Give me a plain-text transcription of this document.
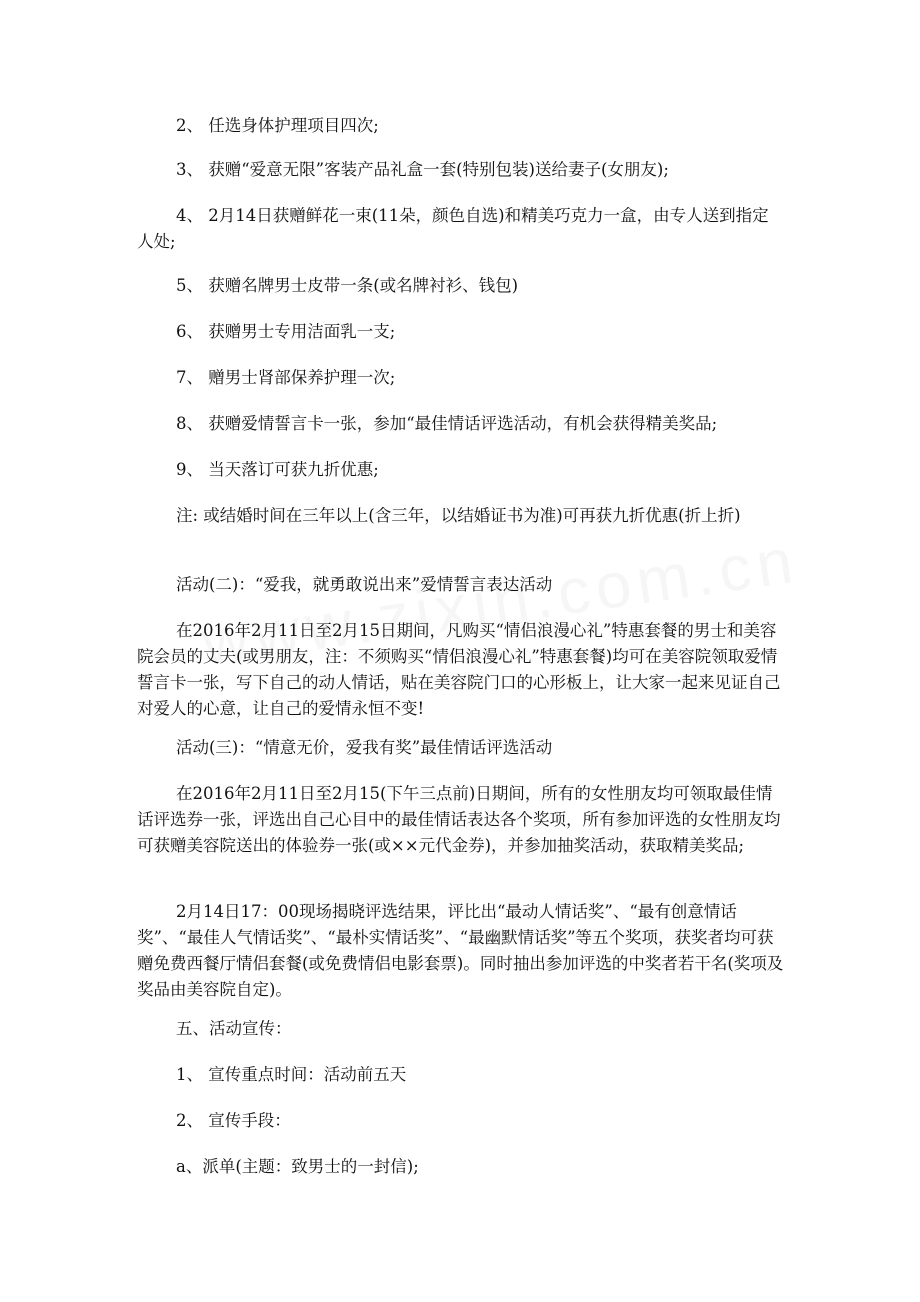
2、 任选身体护理项目四次;

3、 获赠“爱意无限”客装产品礼盒一套(特别包装)送给妻子(女朋友);

4、 2月14日获赠鲜花一束(11朵，颜色自选)和精美巧克力一盒，由专人送到指定人处;

5、 获赠名牌男士皮带一条(或名牌衬衫、钱包)

6、 获赠男士专用洁面乳一支;

7、 赠男士肾部保养护理一次;

8、 获赠爱情誓言卡一张，参加“最佳情话评选活动，有机会获得精美奖品;

9、 当天落订可获九折优惠;

注: 或结婚时间在三年以上(含三年，以结婚证书为准)可再获九折优惠(折上折)

活动(二)：“爱我，就勇敢说出来”爱情誓言表达活动

在2016年2月11日至2月15日期间，凡购买“情侣浪漫心礼”特惠套餐的男士和美容院会员的丈夫(或男朋友，注：不须购买“情侣浪漫心礼”特惠套餐)均可在美容院领取爱情誓言卡一张，写下自己的动人情话，贴在美容院门口的心形板上，让大家一起来见证自己对爱人的心意，让自己的爱情永恒不变!

活动(三)：“情意无价，爱我有奖”最佳情话评选活动

在2016年2月11日至2月15(下午三点前)日期间，所有的女性朋友均可领取最佳情话评选券一张，评选出自己心目中的最佳情话表达各个奖项，所有参加评选的女性朋友均可获赠美容院送出的体验券一张(或××元代金券)，并参加抽奖活动，获取精美奖品;

2月14日17：00现场揭晓评选结果，评比出“最动人情话奖”、“最有创意情话奖”、“最佳人气情话奖”、“最朴实情话奖”、“最幽默情话奖”等五个奖项，获奖者均可获赠免费西餐厅情侣套餐(或免费情侣电影套票)。同时抽出参加评选的中奖者若干名(奖项及奖品由美容院自定)。

五、活动宣传：

1、 宣传重点时间：活动前五天

2、 宣传手段：

a、派单(主题：致男士的一封信);
